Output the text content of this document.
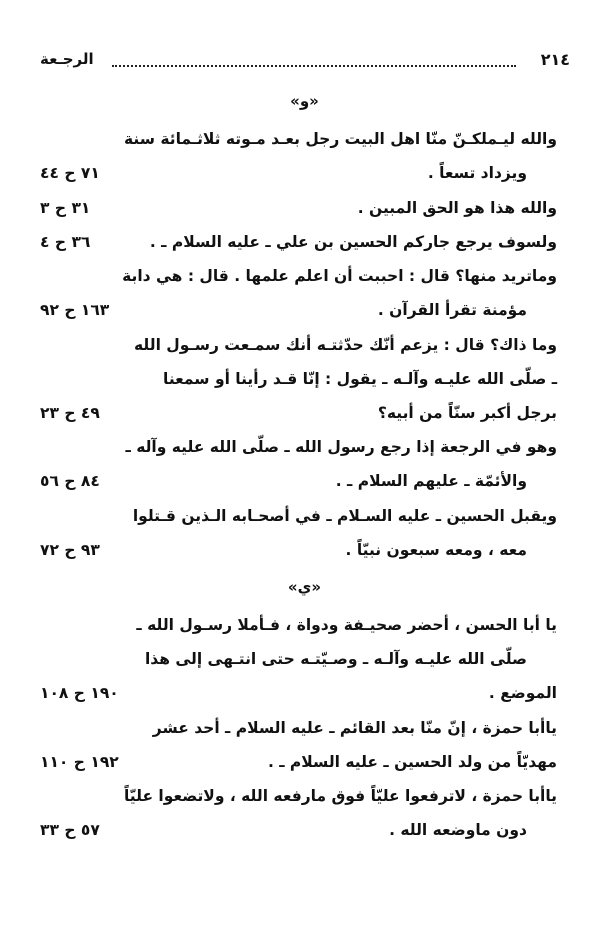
الرجـعة	٢١٤
«و»
والله ليـملكـنّ منّا اهل البيت رجل بعـد مـوته ثلاثـمائة سنة
ويزداد تسعاً .
٧١ ح ٤٤
والله هذا هو الحق المبين .
٣١ ح ٣
ولسوف يرجع جاركم الحسين بن علي ـ عليه السلام ـ .
٣٦ ح ٤
وماتريد منها؟ قال : احببت أن اعلم علمها . قال : هي دابة
مؤمنة تقرأ القرآن .
١٦٣ ح ٩٢
وما ذاك؟ قال : يزعم أنّك حدّثتـه أنك سمـعت رسـول الله
ـ صلّى الله عليـه وآلـه ـ يقول : إنّا قـد رأينا أو سمعنا
برجل أكبر سنّاً من أبيه؟
٤٩ ح ٢٣
وهو في الرجعة إذا رجع رسول الله ـ صلّى الله عليه وآله ـ
والأئمّة ـ عليهم السلام ـ .
٨٤ ح ٥٦
ويقبل الحسين ـ عليه السـلام ـ في أصحـابه الـذين قـتلوا
معه ، ومعه سبعون نبيّاً .
٩٣ ح ٧٢
«ي»
يا أبا الحسن ، أحضر صحيـفة ودواة ، فـأملا رسـول الله ـ
صلّى الله عليـه وآلـه ـ وصـيّتـه حتى انتـهى إلى هذا
الموضع .
١٩٠ ح ١٠٨
ياأبا حمزة ، إنّ منّا بعد القائم ـ عليه السلام ـ أحد عشر
مهديّاً من ولد الحسين ـ عليه السلام ـ .
١٩٢ ح ١١٠
ياأبا حمزة ، لاترفعوا عليّاً فوق مارفعه الله ، ولاتضعوا عليّاً
دون ماوضعه الله .
٥٧ ح ٣٣
